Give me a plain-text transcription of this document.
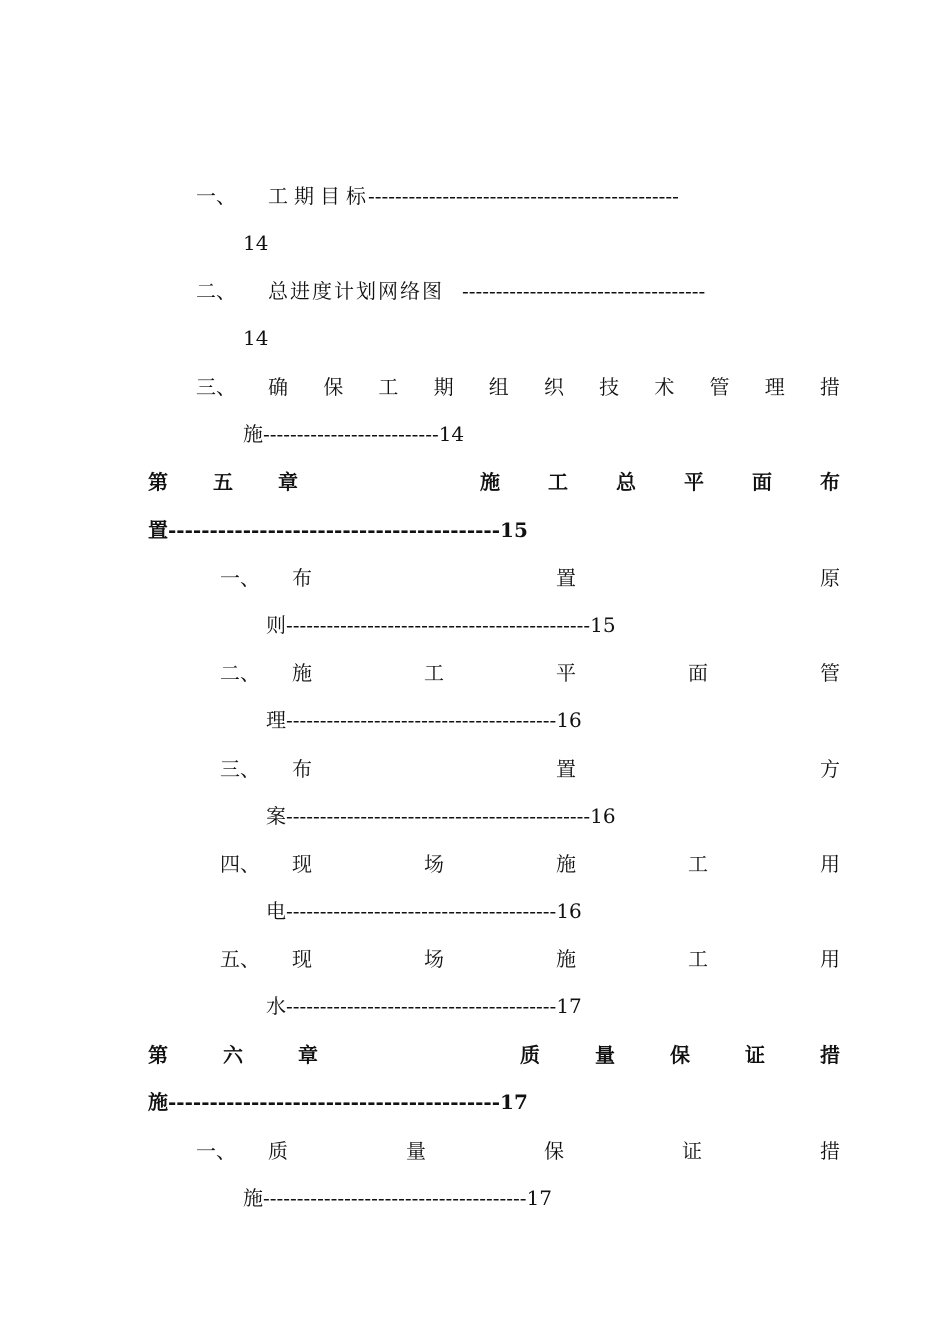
一、 工期目标
----------------------------------------------
14
二、 总进度计划网络图 ------------------------------------
14
三、 确 保 工 期 组 织 技 术 管 理 措
施--------------------------14
第 五 章	施 工 总 平 面 布
置----------------------------------------15
一、 布	置	原
则---------------------------------------------15
二、 施	工	平	面	管
理----------------------------------------16
三、 布	置	方
案---------------------------------------------16
四、 现	场	施	工	用
电----------------------------------------16
五、 现	场	施	工	用
水----------------------------------------17
第	六	章	质	量	保	证	措
施----------------------------------------17
一、 质	量	保	证	措
施---------------------------------------17
